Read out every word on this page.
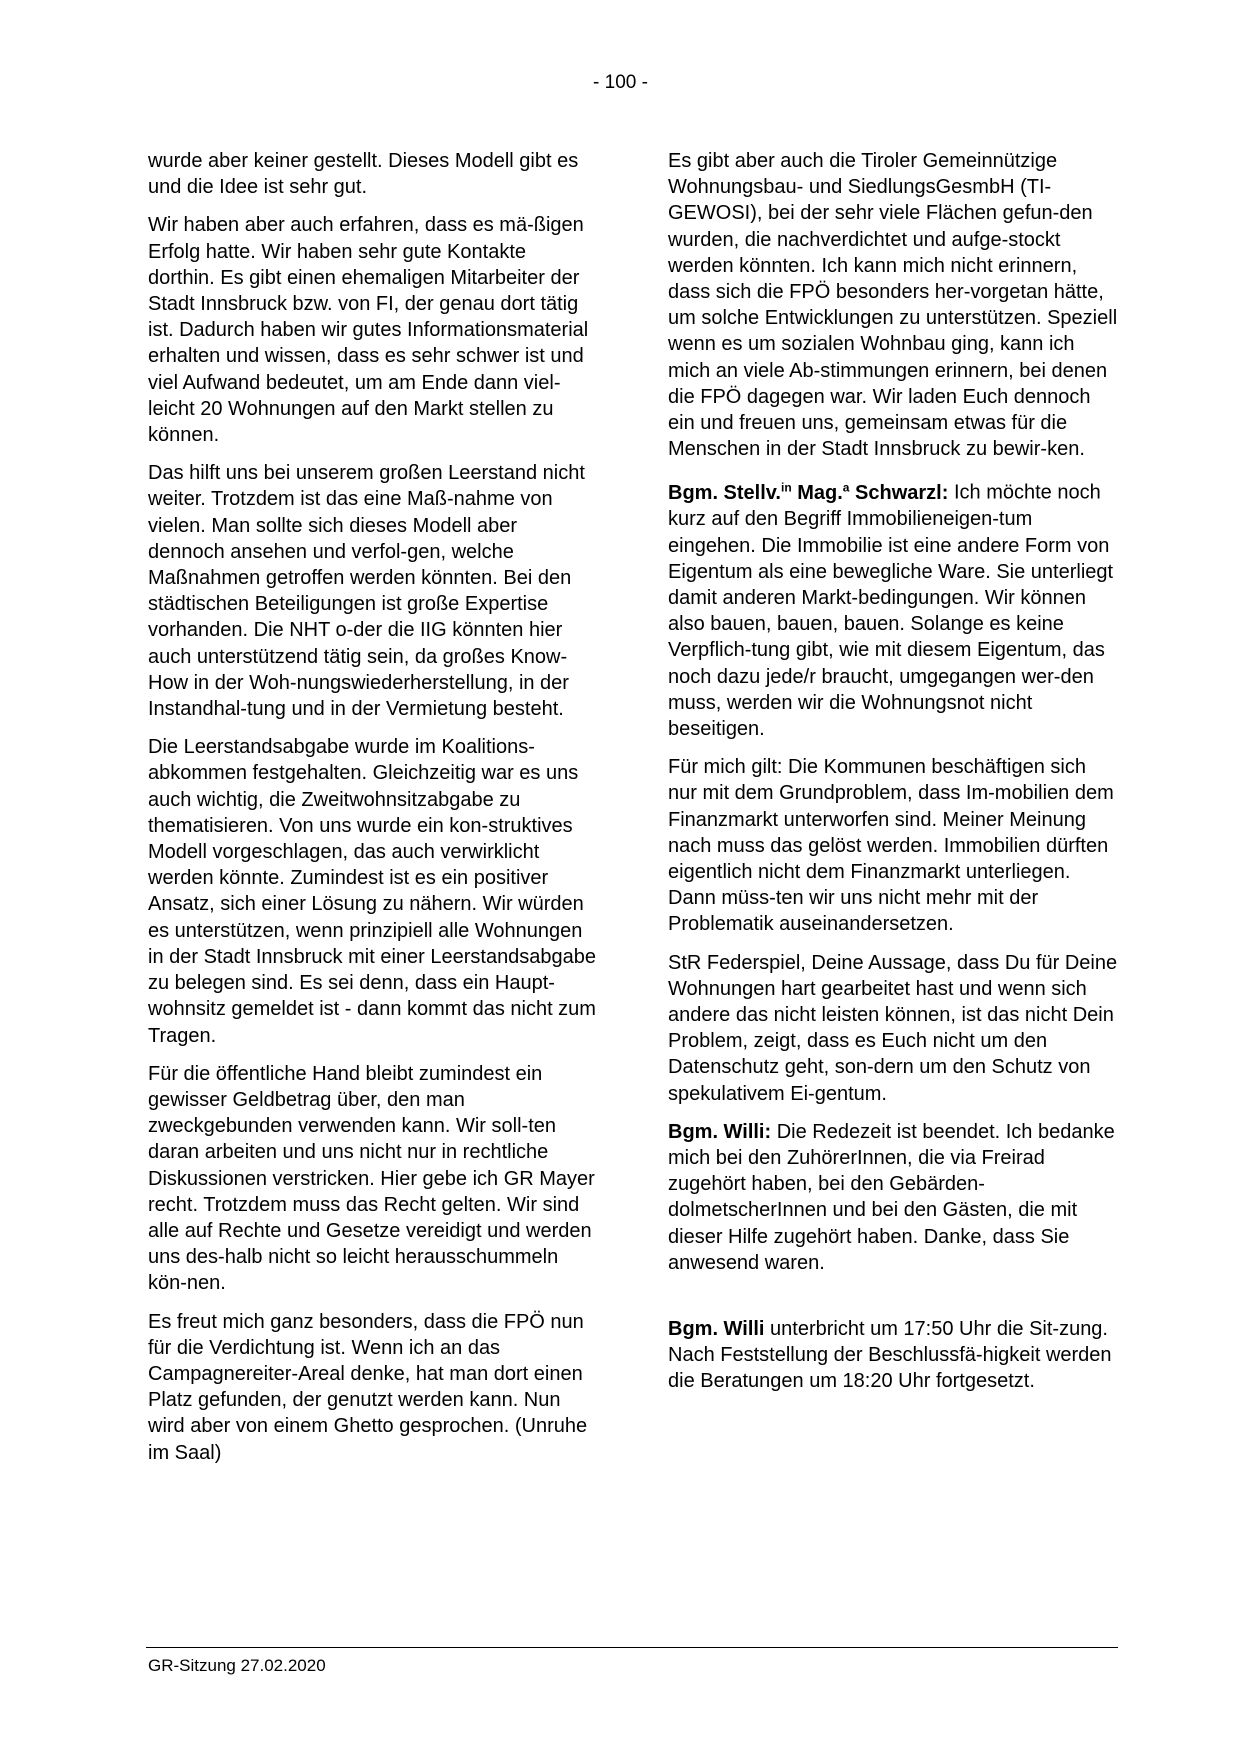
- 100 -

wurde aber keiner gestellt. Dieses Modell gibt es und die Idee ist sehr gut.

Wir haben aber auch erfahren, dass es mä-ßigen Erfolg hatte. Wir haben sehr gute Kontakte dorthin. Es gibt einen ehemaligen Mitarbeiter der Stadt Innsbruck bzw. von FI, der genau dort tätig ist. Dadurch haben wir gutes Informationsmaterial erhalten und wissen, dass es sehr schwer ist und viel Aufwand bedeutet, um am Ende dann viel-leicht 20 Wohnungen auf den Markt stellen zu können.

Das hilft uns bei unserem großen Leerstand nicht weiter. Trotzdem ist das eine Maß-nahme von vielen. Man sollte sich dieses Modell aber dennoch ansehen und verfol-gen, welche Maßnahmen getroffen werden könnten. Bei den städtischen Beteiligungen ist große Expertise vorhanden. Die NHT o-der die IIG könnten hier auch unterstützend tätig sein, da großes Know-How in der Woh-nungswiederherstellung, in der Instandhal-tung und in der Vermietung besteht.

Die Leerstandsabgabe wurde im Koalitions-abkommen festgehalten. Gleichzeitig war es uns auch wichtig, die Zweitwohnsitzabgabe zu thematisieren. Von uns wurde ein kon-struktives Modell vorgeschlagen, das auch verwirklicht werden könnte. Zumindest ist es ein positiver Ansatz, sich einer Lösung zu nähern. Wir würden es unterstützen, wenn prinzipiell alle Wohnungen in der Stadt Innsbruck mit einer Leerstandsabgabe zu belegen sind. Es sei denn, dass ein Haupt-wohnsitz gemeldet ist - dann kommt das nicht zum Tragen.

Für die öffentliche Hand bleibt zumindest ein gewisser Geldbetrag über, den man zweckgebunden verwenden kann. Wir soll-ten daran arbeiten und uns nicht nur in rechtliche Diskussionen verstricken. Hier gebe ich GR Mayer recht. Trotzdem muss das Recht gelten. Wir sind alle auf Rechte und Gesetze vereidigt und werden uns des-halb nicht so leicht herausschummeln kön-nen.

Es freut mich ganz besonders, dass die FPÖ nun für die Verdichtung ist. Wenn ich an das Campagnereiter-Areal denke, hat man dort einen Platz gefunden, der genutzt werden kann. Nun wird aber von einem Ghetto gesprochen. (Unruhe im Saal)

Es gibt aber auch die Tiroler Gemeinnützige Wohnungsbau- und SiedlungsGesmbH (TI-GEWOSI), bei der sehr viele Flächen gefun-den wurden, die nachverdichtet und aufge-stockt werden könnten. Ich kann mich nicht erinnern, dass sich die FPÖ besonders her-vorgetan hätte, um solche Entwicklungen zu unterstützen. Speziell wenn es um sozialen Wohnbau ging, kann ich mich an viele Ab-stimmungen erinnern, bei denen die FPÖ dagegen war. Wir laden Euch dennoch ein und freuen uns, gemeinsam etwas für die Menschen in der Stadt Innsbruck zu bewir-ken.

Bgm. Stellv.$^{in}$ Mag.$^a$ Schwarzl: Ich möchte noch kurz auf den Begriff Immobilieneigen-tum eingehen. Die Immobilie ist eine andere Form von Eigentum als eine bewegliche Ware. Sie unterliegt damit anderen Markt-bedingungen. Wir können also bauen, bauen, bauen. Solange es keine Verpflich-tung gibt, wie mit diesem Eigentum, das noch dazu jede/r braucht, umgegangen wer-den muss, werden wir die Wohnungsnot nicht beseitigen.

Für mich gilt: Die Kommunen beschäftigen sich nur mit dem Grundproblem, dass Im-mobilien dem Finanzmarkt unterworfen sind. Meiner Meinung nach muss das gelöst werden. Immobilien dürften eigentlich nicht dem Finanzmarkt unterliegen. Dann müss-ten wir uns nicht mehr mit der Problematik auseinandersetzen.

StR Federspiel, Deine Aussage, dass Du für Deine Wohnungen hart gearbeitet hast und wenn sich andere das nicht leisten können, ist das nicht Dein Problem, zeigt, dass es Euch nicht um den Datenschutz geht, son-dern um den Schutz von spekulativem Ei-gentum.

Bgm. Willi: Die Redezeit ist beendet. Ich bedanke mich bei den ZuhörerInnen, die via Freirad zugehört haben, bei den Gebärden-dolmetscherInnen und bei den Gästen, die mit dieser Hilfe zugehört haben. Danke, dass Sie anwesend waren.

Bgm. Willi unterbricht um 17:50 Uhr die Sit-zung. Nach Feststellung der Beschlussfä-higkeit werden die Beratungen um 18:20 Uhr fortgesetzt.

GR-Sitzung 27.02.2020
